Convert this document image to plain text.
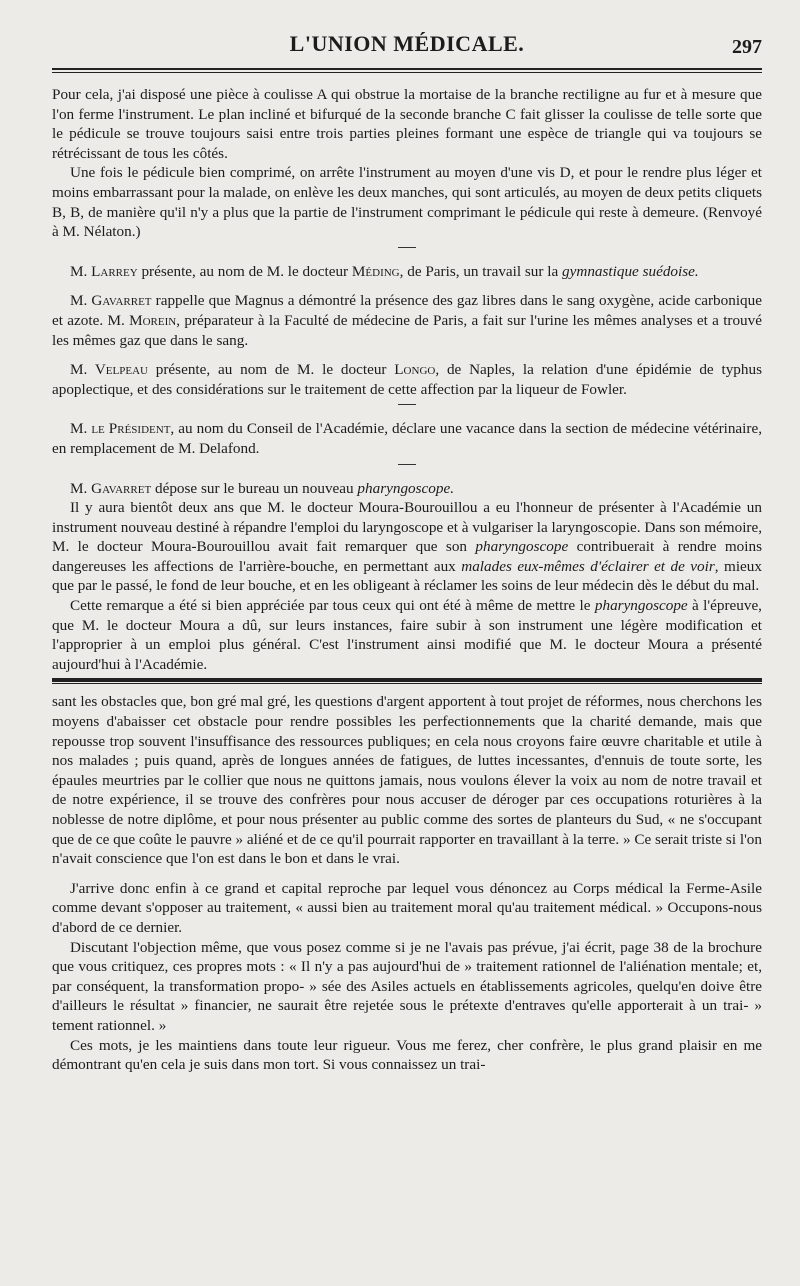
L'UNION MÉDICALE.	297

Pour cela, j'ai disposé une pièce à coulisse A qui obstrue la mortaise de la branche rectiligne au fur et à mesure que l'on ferme l'instrument. Le plan incliné et bifurqué de la seconde branche C fait glisser la coulisse de telle sorte que le pédicule se trouve toujours saisi entre trois parties pleines formant une espèce de triangle qui va toujours se rétrécissant de tous les côtés.

Une fois le pédicule bien comprimé, on arrête l'instrument au moyen d'une vis D, et pour le rendre plus léger et moins embarrassant pour la malade, on enlève les deux manches, qui sont articulés, au moyen de deux petits cliquets B, B, de manière qu'il n'y a plus que la partie de l'instrument comprimant le pédicule qui reste à demeure. (Renvoyé à M. Nélaton.)

M. Larrey présente, au nom de M. le docteur Méding, de Paris, un travail sur la gymnastique suédoise.

M. Gavarret rappelle que Magnus a démontré la présence des gaz libres dans le sang oxygène, acide carbonique et azote. M. Morein, préparateur à la Faculté de médecine de Paris, a fait sur l'urine les mêmes analyses et a trouvé les mêmes gaz que dans le sang.

M. Velpeau présente, au nom de M. le docteur Longo, de Naples, la relation d'une épidémie de typhus apoplectique, et des considérations sur le traitement de cette affection par la liqueur de Fowler.

M. le Président, au nom du Conseil de l'Académie, déclare une vacance dans la section de médecine vétérinaire, en remplacement de M. Delafond.

M. Gavarret dépose sur le bureau un nouveau pharyngoscope.

Il y aura bientôt deux ans que M. le docteur Moura-Bourouillou a eu l'honneur de présenter à l'Académie un instrument nouveau destiné à répandre l'emploi du laryngoscope et à vulgariser la laryngoscopie. Dans son mémoire, M. le docteur Moura-Bourouillou avait fait remarquer que son pharyngoscope contribuerait à rendre moins dangereuses les affections de l'arrière-bouche, en permettant aux malades eux-mêmes d'éclairer et de voir, mieux que par le passé, le fond de leur bouche, et en les obligeant à réclamer les soins de leur médecin dès le début du mal.

Cette remarque a été si bien appréciée par tous ceux qui ont été à même de mettre le pharyngoscope à l'épreuve, que M. le docteur Moura a dû, sur leurs instances, faire subir à son instrument une légère modification et l'approprier à un emploi plus général. C'est l'instrument ainsi modifié que M. le docteur Moura a présenté aujourd'hui à l'Académie.

sant les obstacles que, bon gré mal gré, les questions d'argent apportent à tout projet de réformes, nous cherchons les moyens d'abaisser cet obstacle pour rendre possibles les perfectionnements que la charité demande, mais que repousse trop souvent l'insuffisance des ressources publiques; en cela nous croyons faire œuvre charitable et utile à nos malades ; puis quand, après de longues années de fatigues, de luttes incessantes, d'ennuis de toute sorte, les épaules meurtries par le collier que nous ne quittons jamais, nous voulons élever la voix au nom de notre travail et de notre expérience, il se trouve des confrères pour nous accuser de déroger par ces occupations roturières à la noblesse de notre diplôme, et pour nous présenter au public comme des sortes de planteurs du Sud, « ne s'occupant que de ce que coûte le pauvre » aliéné et de ce qu'il pourrait rapporter en travaillant à la terre. » Ce serait triste si l'on n'avait conscience que l'on est dans le bon et dans le vrai.

J'arrive donc enfin à ce grand et capital reproche par lequel vous dénoncez au Corps médical la Ferme-Asile comme devant s'opposer au traitement, « aussi bien au traitement moral qu'au traitement médical. » Occupons-nous d'abord de ce dernier.

Discutant l'objection même, que vous posez comme si je ne l'avais pas prévue, j'ai écrit, page 38 de la brochure que vous critiquez, ces propres mots : « Il n'y a pas aujourd'hui de » traitement rationnel de l'aliénation mentale; et, par conséquent, la transformation propo- » sée des Asiles actuels en établissements agricoles, quelqu'en doive être d'ailleurs le résultat » financier, ne saurait être rejetée sous le prétexte d'entraves qu'elle apporterait à un trai- » tement rationnel. »

Ces mots, je les maintiens dans toute leur rigueur. Vous me ferez, cher confrère, le plus grand plaisir en me démontrant qu'en cela je suis dans mon tort. Si vous connaissez un trai-
